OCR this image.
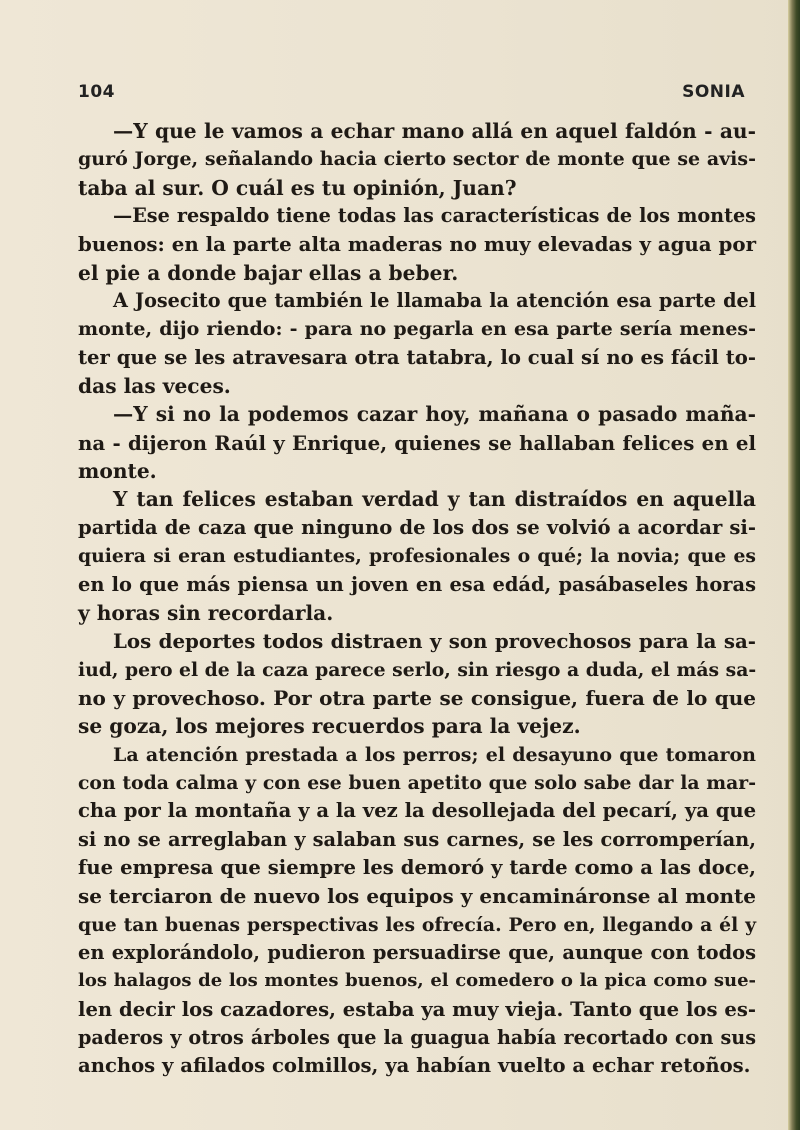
104	SONIA
—Y que le vamos a echar mano allá en aquel faldón - au-
guró Jorge, señalando hacia cierto sector de monte que se avis-
taba al sur. O cuál es tu opinión, Juan?
—Ese respaldo tiene todas las características de los montes
buenos: en la parte alta maderas no muy elevadas y agua por
el pie a donde bajar ellas a beber.
A Josecito que también le llamaba la atención esa parte del
monte, dijo riendo: - para no pegarla en esa parte sería menes-
ter que se les atravesara otra tatabra, lo cual sí no es fácil to-
das las veces.
—Y si no la podemos cazar hoy, mañana o pasado maña-
na - dijeron Raúl y Enrique, quienes se hallaban felices en el
monte.
Y tan felices estaban verdad y tan distraídos en aquella
partida de caza que ninguno de los dos se volvió a acordar si-
quiera si eran estudiantes, profesionales o qué; la novia; que es
en lo que más piensa un joven en esa edád, pasábaseles horas
y horas sin recordarla.
Los deportes todos distraen y son provechosos para la sa-
iud, pero el de la caza parece serlo, sin riesgo a duda, el más sa-
no y provechoso. Por otra parte se consigue, fuera de lo que
se goza, los mejores recuerdos para la vejez.
La atención prestada a los perros; el desayuno que tomaron
con toda calma y con ese buen apetito que solo sabe dar la mar-
cha por la montaña y a la vez la desollejada del pecarí, ya que
si no se arreglaban y salaban sus carnes, se les corromperían,
fue empresa que siempre les demoró y tarde como a las doce,
se terciaron de nuevo los equipos y encamináronse al monte
que tan buenas perspectivas les ofrecía. Pero en, llegando a él y
en explorándolo, pudieron persuadirse que, aunque con todos
los halagos de los montes buenos, el comedero o la pica como sue-
len decir los cazadores, estaba ya muy vieja. Tanto que los es-
paderos y otros árboles que la guagua había recortado con sus
anchos y afilados colmillos, ya habían vuelto a echar retoños.
